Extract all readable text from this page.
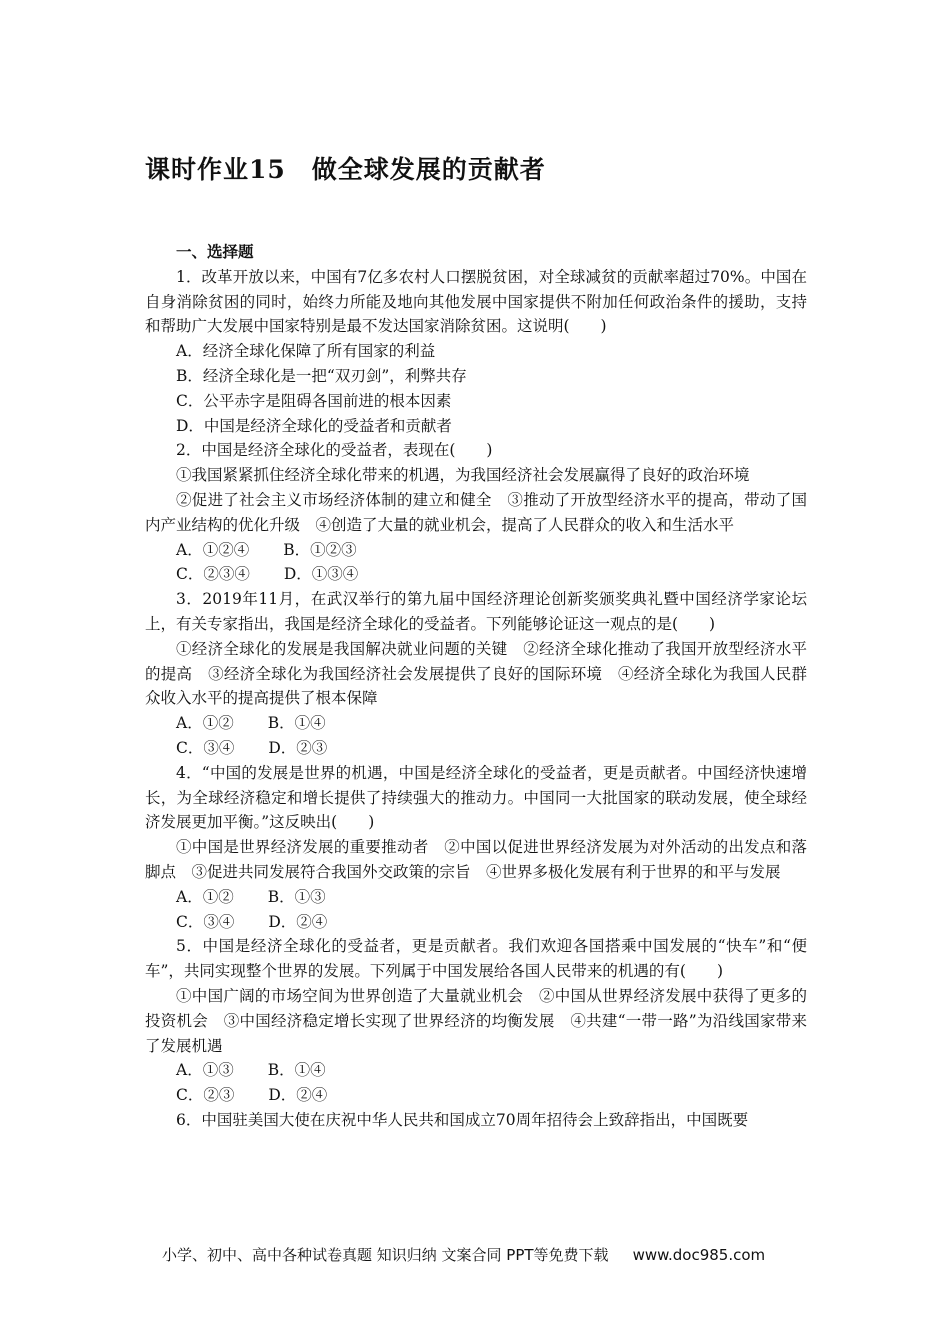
课时作业15　做全球发展的贡献者
一、选择题
1．改革开放以来，中国有7亿多农村人口摆脱贫困，对全球减贫的贡献率超过70%。中国在自身消除贫困的同时，始终力所能及地向其他发展中国家提供不附加任何政治条件的援助，支持和帮助广大发展中国家特别是最不发达国家消除贫困。这说明(　　)
A．经济全球化保障了所有国家的利益
B．经济全球化是一把“双刃剑”，利弊共存
C．公平赤字是阻碍各国前进的根本因素
D．中国是经济全球化的受益者和贡献者
2．中国是经济全球化的受益者，表现在(　　)
①我国紧紧抓住经济全球化带来的机遇，为我国经济社会发展赢得了良好的政治环境
②促进了社会主义市场经济体制的建立和健全　③推动了开放型经济水平的提高，带动了国内产业结构的优化升级　④创造了大量的就业机会，提高了人民群众的收入和生活水平
A．①②④ B．①②③
C．②③④ D．①③④
3．2019年11月，在武汉举行的第九届中国经济理论创新奖颁奖典礼暨中国经济学家论坛上，有关专家指出，我国是经济全球化的受益者。下列能够论证这一观点的是(　　)
①经济全球化的发展是我国解决就业问题的关键　②经济全球化推动了我国开放型经济水平的提高　③经济全球化为我国经济社会发展提供了良好的国际环境　④经济全球化为我国人民群众收入水平的提高提供了根本保障
A．①② B．①④
C．③④ D．②③
4．“中国的发展是世界的机遇，中国是经济全球化的受益者，更是贡献者。中国经济快速增长，为全球经济稳定和增长提供了持续强大的推动力。中国同一大批国家的联动发展，使全球经济发展更加平衡。”这反映出(　　)
①中国是世界经济发展的重要推动者　②中国以促进世界经济发展为对外活动的出发点和落脚点　③促进共同发展符合我国外交政策的宗旨　④世界多极化发展有利于世界的和平与发展
A．①② B．①③
C．③④ D．②④
5．中国是经济全球化的受益者，更是贡献者。我们欢迎各国搭乘中国发展的“快车”和“便车”，共同实现整个世界的发展。下列属于中国发展给各国人民带来的机遇的有(　　)
①中国广阔的市场空间为世界创造了大量就业机会　②中国从世界经济发展中获得了更多的投资机会　③中国经济稳定增长实现了世界经济的均衡发展　④共建“一带一路”为沿线国家带来了发展机遇
A．①③ B．①④
C．②③ D．②④
6．中国驻美国大使在庆祝中华人民共和国成立70周年招待会上致辞指出，中国既要
小学、初中、高中各种试卷真题 知识归纳 文案合同 PPT等免费下载 www.doc985.com
